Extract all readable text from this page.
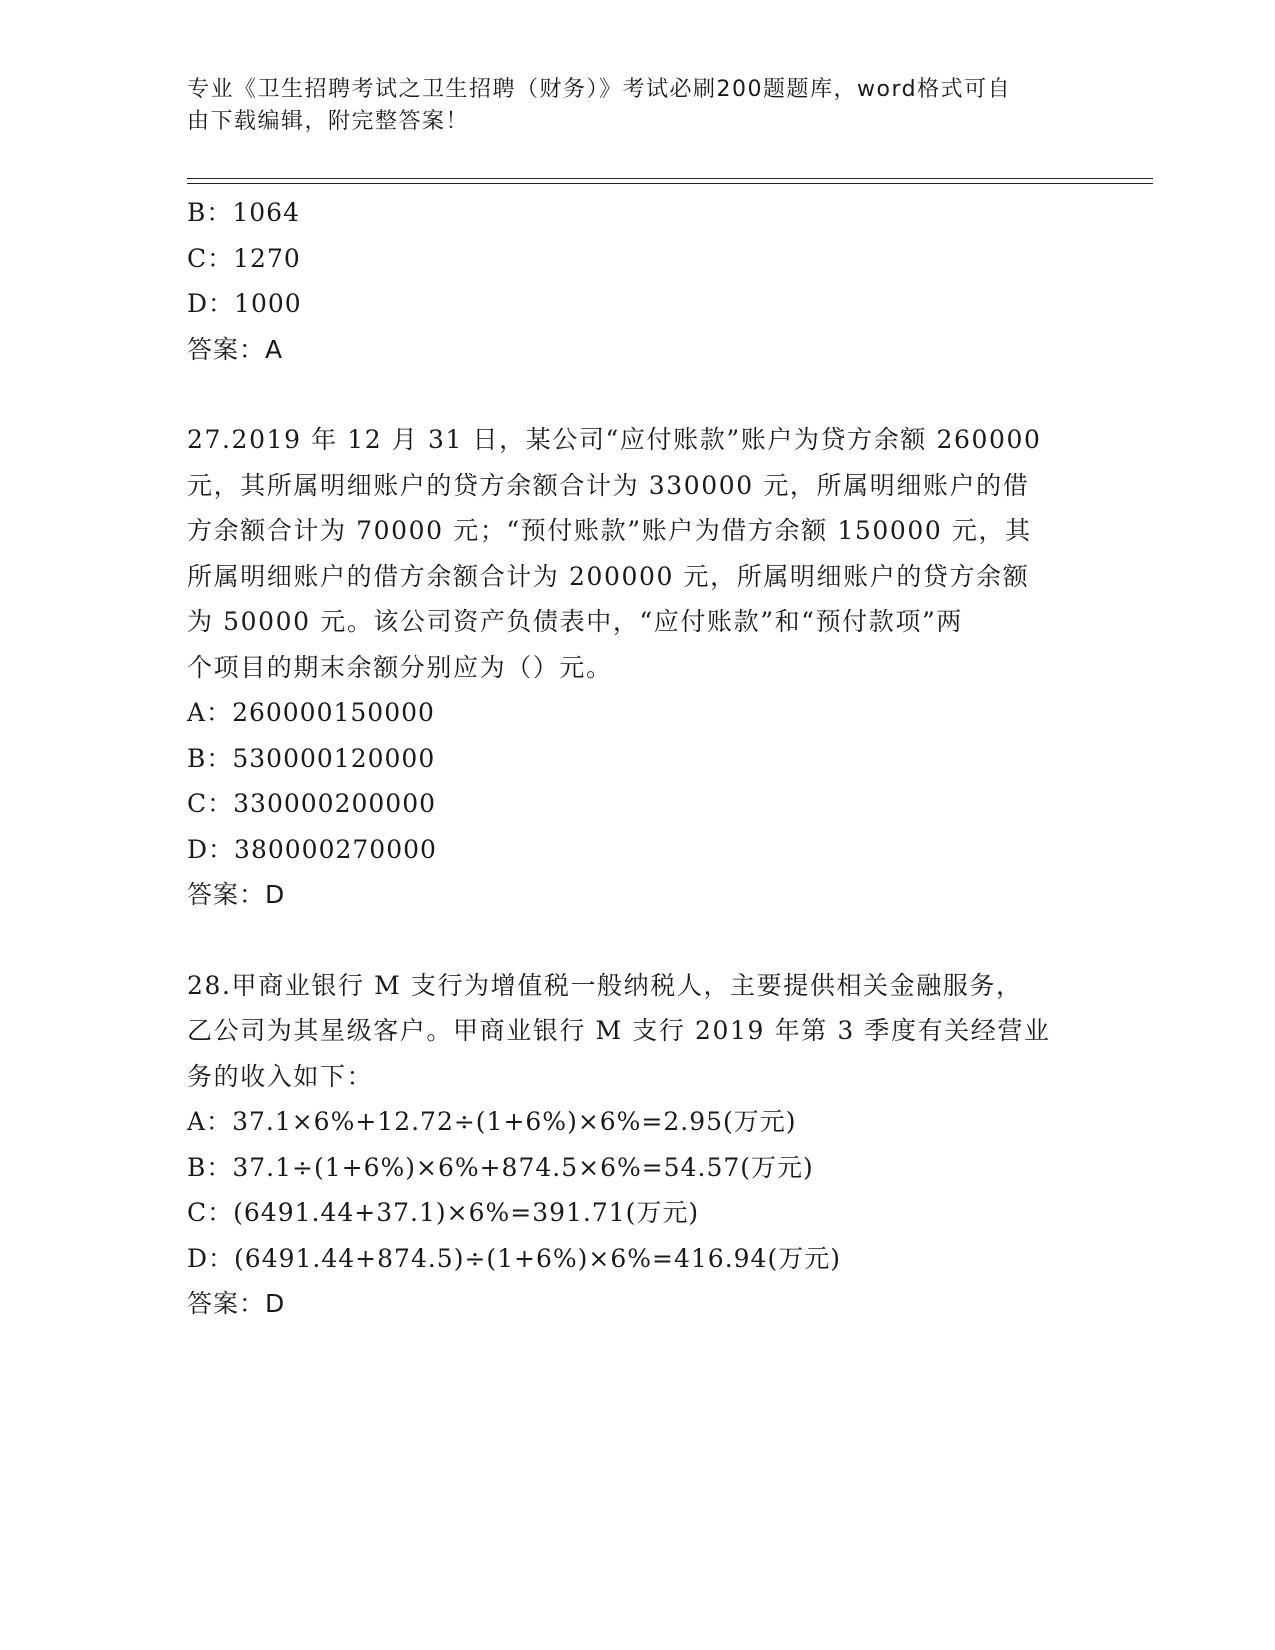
专业《卫生招聘考试之卫生招聘（财务）》考试必刷200题题库，word格式可自
由下载编辑，附完整答案！
B：1064
C：1270
D：1000
答案：A
27.2019 年 12 月 31 日，某公司“应付账款”账户为贷方余额 260000
元，其所属明细账户的贷方余额合计为 330000 元，所属明细账户的借
方余额合计为 70000 元；“预付账款”账户为借方余额 150000 元，其
所属明细账户的借方余额合计为 200000 元，所属明细账户的贷方余额
为 50000 元。该公司资产负债表中，“应付账款”和“预付款项”两
个项目的期末余额分别应为（）元。
A：260000150000
B：530000120000
C：330000200000
D：380000270000
答案：D
28.甲商业银行 M 支行为增值税一般纳税人，主要提供相关金融服务，
乙公司为其星级客户。甲商业银行 M 支行 2019 年第 3 季度有关经营业
务的收入如下：
A：37.1×6%+12.72÷(1+6%)×6%=2.95(万元)
B：37.1÷(1+6%)×6%+874.5×6%=54.57(万元)
C：(6491.44+37.1)×6%=391.71(万元)
D：(6491.44+874.5)÷(1+6%)×6%=416.94(万元)
答案：D
